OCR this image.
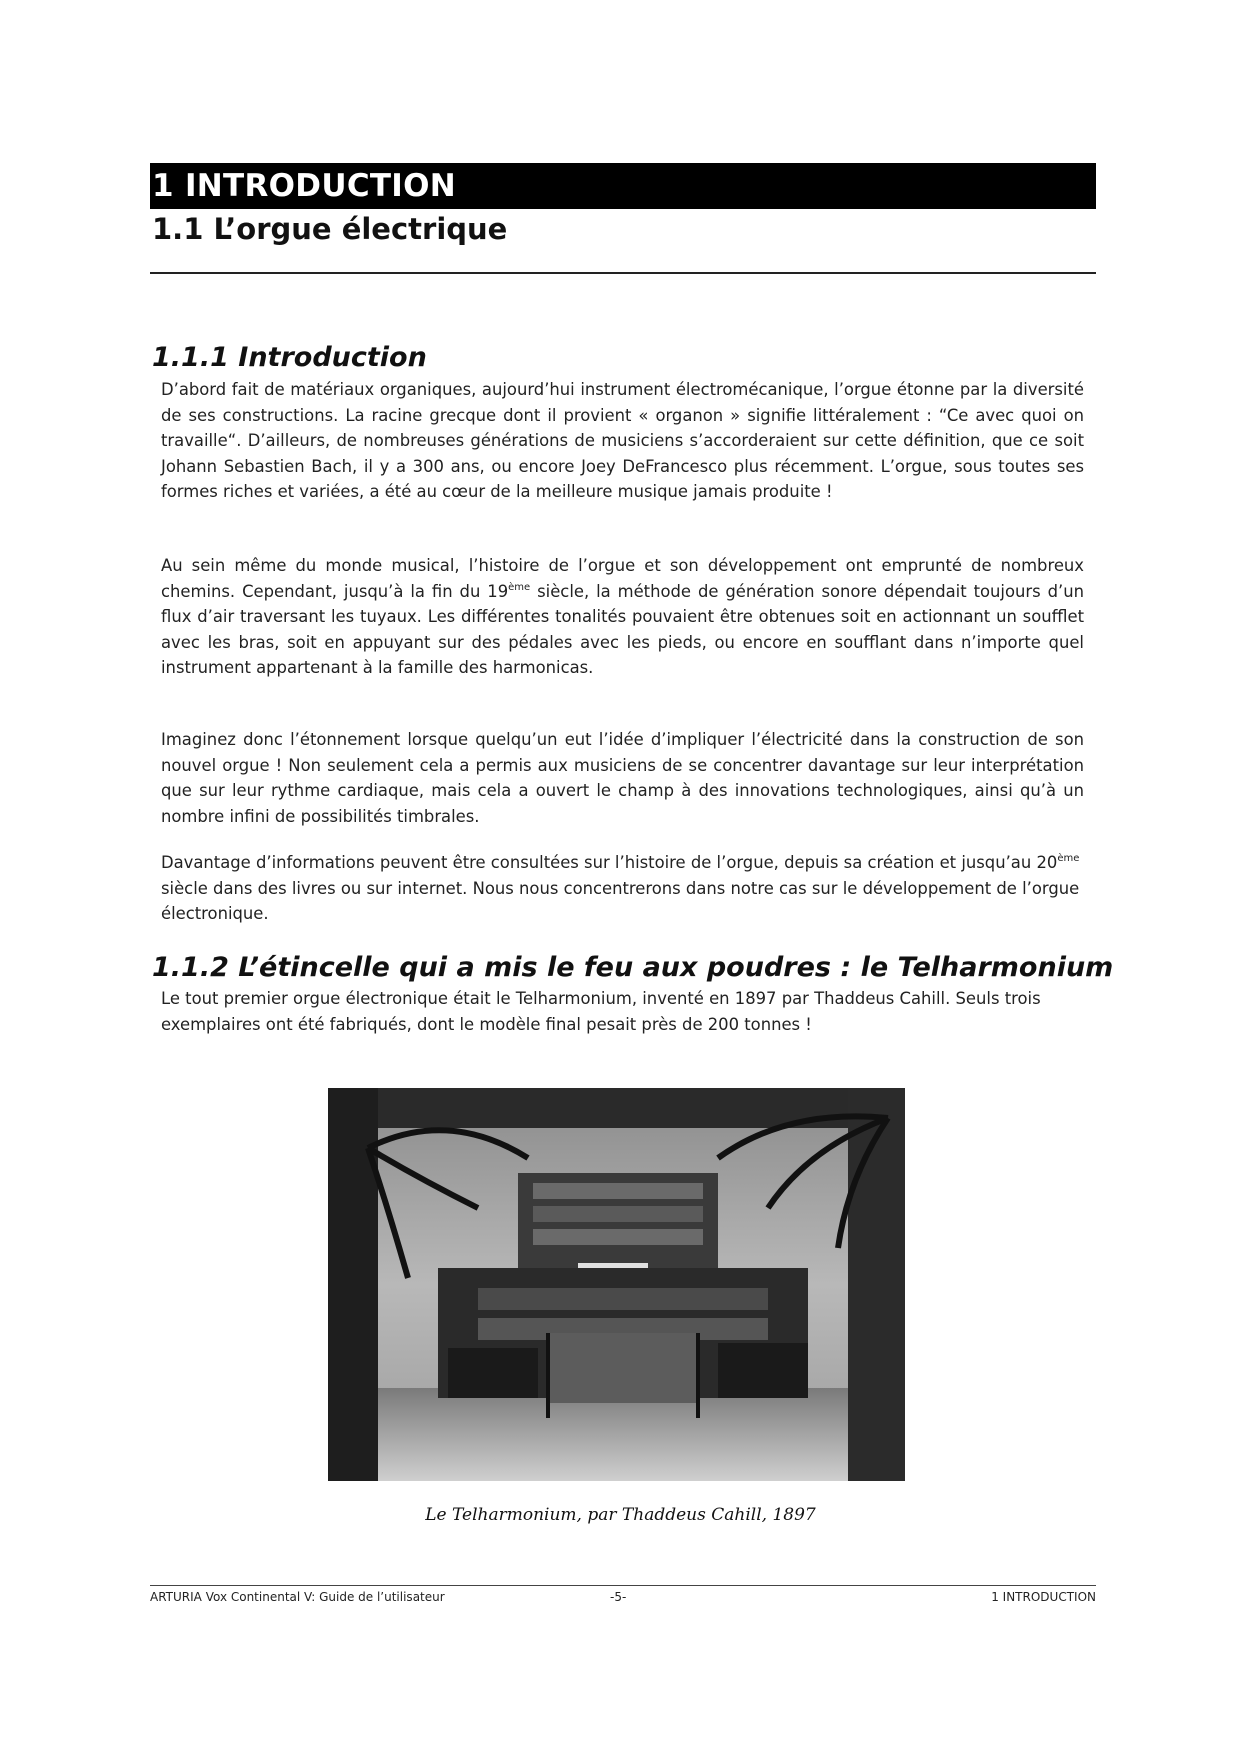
1 INTRODUCTION
1.1 L’orgue électrique
1.1.1 Introduction

D’abord fait de matériaux organiques, aujourd’hui instrument électromécanique, l’orgue étonne par la diversité de ses constructions. La racine grecque dont il provient « organon » signifie littéralement : “Ce avec quoi on travaille“. D’ailleurs, de nombreuses générations de musiciens s’accorderaient sur cette définition, que ce soit Johann Sebastien Bach, il y a 300 ans, ou encore Joey DeFrancesco plus récemment. L’orgue, sous toutes ses formes riches et variées, a été au cœur de la meilleure musique jamais produite !

Au sein même du monde musical, l’histoire de l’orgue et son développement ont emprunté de nombreux chemins. Cependant, jusqu’à la fin du 19ème siècle, la méthode de génération sonore dépendait toujours d’un flux d’air traversant les tuyaux. Les différentes tonalités pouvaient être obtenues soit en actionnant un soufflet avec les bras, soit en appuyant sur des pédales avec les pieds, ou encore en soufflant dans n’importe quel instrument appartenant à la famille des harmonicas.

Imaginez donc l’étonnement lorsque quelqu’un eut l’idée d’impliquer l’électricité dans la construction de son nouvel orgue ! Non seulement cela a permis aux musiciens de se concentrer davantage sur leur interprétation que sur leur rythme cardiaque, mais cela a ouvert le champ à des innovations technologiques, ainsi qu’à un nombre infini de possibilités timbrales.

Davantage d’informations peuvent être consultées sur l’histoire de l’orgue, depuis sa création et jusqu’au 20ème siècle dans des livres ou sur internet. Nous nous concentrerons dans notre cas sur le développement de l’orgue électronique.

1.1.2 L’étincelle qui a mis le feu aux poudres : le Telharmonium

Le tout premier orgue électronique était le Telharmonium, inventé en 1897 par Thaddeus Cahill. Seuls trois exemplaires ont été fabriqués, dont le modèle final pesait près de 200 tonnes !

Le Telharmonium, par Thaddeus Cahill, 1897
ARTURIA Vox Continental V: Guide de l’utilisateur	-5-	1 INTRODUCTION
